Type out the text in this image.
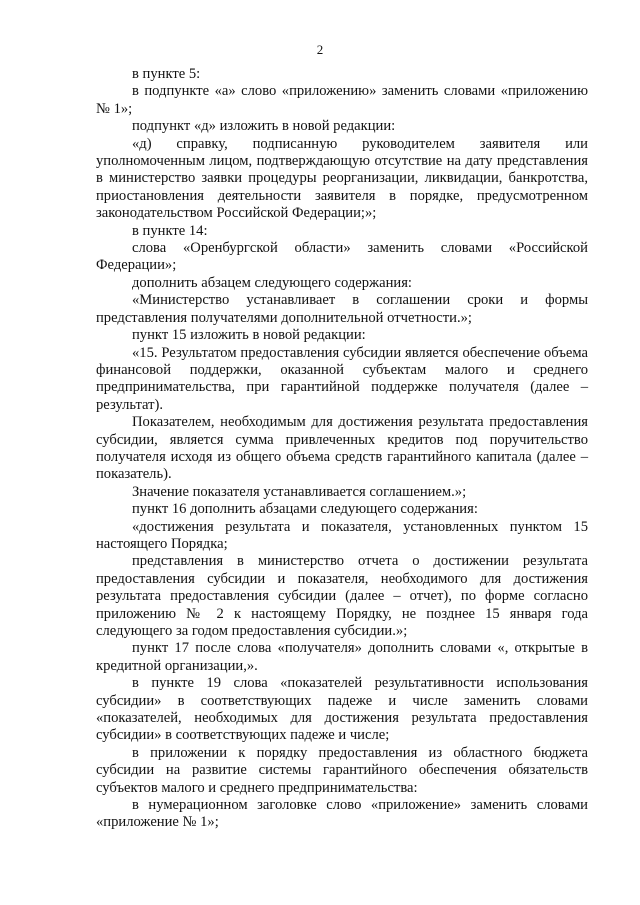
2

в пункте 5:

в подпункте «а» слово «приложению» заменить словами «приложению № 1»;

подпункт «д» изложить в новой редакции:

«д) справку, подписанную руководителем заявителя или уполномоченным лицом, подтверждающую отсутствие на дату представления в министерство заявки процедуры реорганизации, ликвидации, банкротства, приостановления деятельности заявителя в порядке, предусмотренном законодательством Российской Федерации;»;

в пункте 14:

слова «Оренбургской области» заменить словами «Российской Федерации»;

дополнить абзацем следующего содержания:

«Министерство устанавливает в соглашении сроки и формы представления получателями дополнительной отчетности.»;

пункт 15 изложить в новой редакции:

«15. Результатом предоставления субсидии является обеспечение объема финансовой поддержки, оказанной субъектам малого и среднего предпринимательства, при гарантийной поддержке получателя (далее – результат).

Показателем, необходимым для достижения результата предоставления субсидии, является сумма привлеченных кредитов под поручительство получателя исходя из общего объема средств гарантийного капитала (далее – показатель).

Значение показателя устанавливается соглашением.»;

пункт 16 дополнить абзацами следующего содержания:

«достижения результата и показателя, установленных пунктом 15 настоящего Порядка;

представления в министерство отчета о достижении результата предоставления субсидии и показателя, необходимого для достижения результата предоставления субсидии (далее – отчет), по форме согласно приложению № 2 к настоящему Порядку, не позднее 15 января года следующего за годом предоставления субсидии.»;

пункт 17 после слова «получателя» дополнить словами «, открытые в кредитной организации,».

в пункте 19 слова «показателей результативности использования субсидии» в соответствующих падеже и числе заменить словами «показателей, необходимых для достижения результата предоставления субсидии» в соответствующих падеже и числе;

в приложении к порядку предоставления из областного бюджета субсидии на развитие системы гарантийного обеспечения обязательств субъектов малого и среднего предпринимательства:

в нумерационном заголовке слово «приложение» заменить словами «приложение № 1»;
